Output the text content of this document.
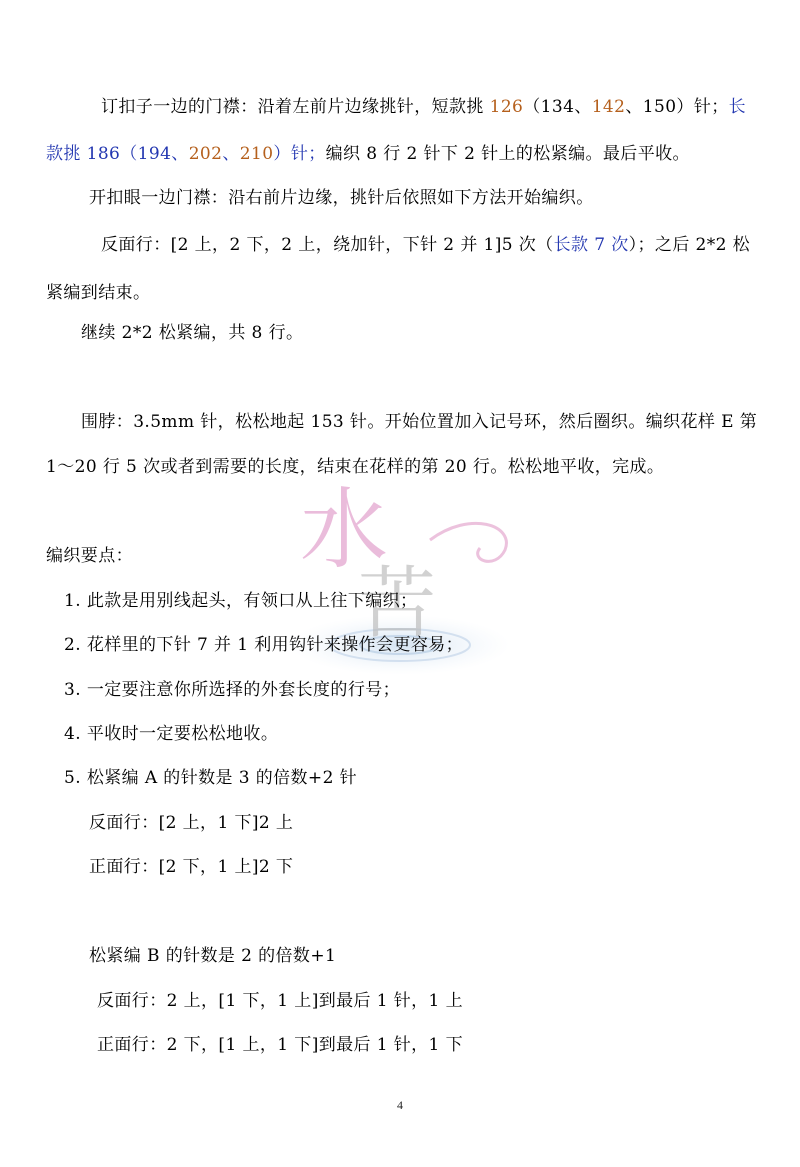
水
苦
订扣子一边的门襟：沿着左前片边缘挑针，短款挑 126（134、142、150）针；长
款挑 186（194、202、210）针；编织 8 行 2 针下 2 针上的松紧编。最后平收。
开扣眼一边门襟：沿右前片边缘，挑针后依照如下方法开始编织。
反面行：[2 上，2 下，2 上，绕加针，下针 2 并 1]5 次（长款 7 次）；之后 2*2 松
紧编到结束。
继续 2*2 松紧编，共 8 行。
围脖：3.5mm 针，松松地起 153 针。开始位置加入记号环，然后圈织。编织花样 E 第
1～20 行 5 次或者到需要的长度，结束在花样的第 20 行。松松地平收，完成。
编织要点：
1. 此款是用别线起头，有领口从上往下编织；
2. 花样里的下针 7 并 1 利用钩针来操作会更容易；
3. 一定要注意你所选择的外套长度的行号；
4. 平收时一定要松松地收。
5. 松紧编 A 的针数是 3 的倍数+2 针
反面行：[2 上，1 下]2 上
正面行：[2 下，1 上]2 下
松紧编 B 的针数是 2 的倍数+1
反面行：2 上，[1 下，1 上]到最后 1 针，1 上
正面行：2 下，[1 上，1 下]到最后 1 针，1 下
4
